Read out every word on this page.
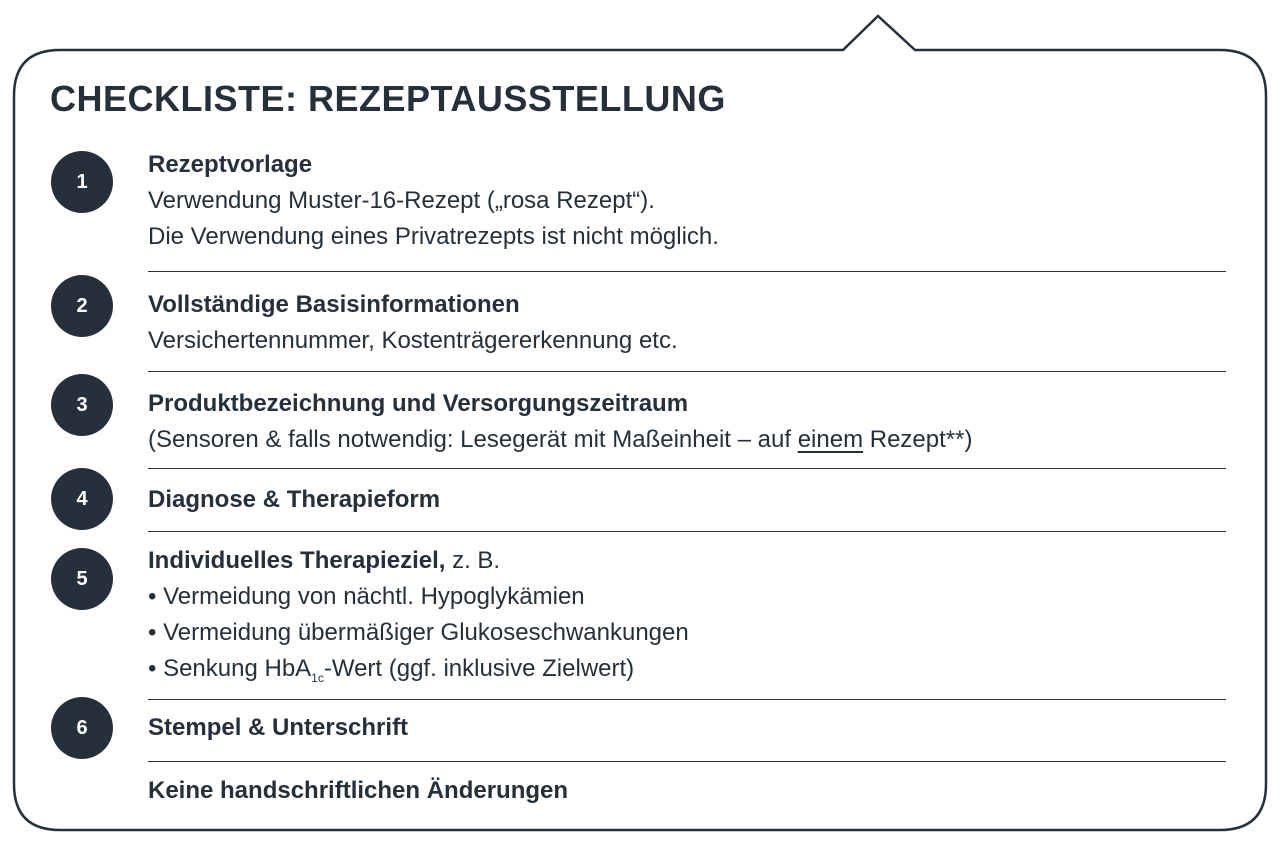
CHECKLISTE: REZEPTAUSSTELLUNG
1
Rezeptvorlage
Verwendung Muster-16-Rezept („rosa Rezept“).
Die Verwendung eines Privatrezepts ist nicht möglich.
2	Vollständige Basisinformationen
Versichertennummer, Kostenträgererkennung etc.
3	Produktbezeichnung und Versorgungszeitraum
(Sensoren & falls notwendig: Lesegerät mit Maßeinheit – auf einem Rezept**)
4	Diagnose & Therapieform
5
Individuelles Therapieziel, z. B.
• Vermeidung von nächtl. Hypoglykämien
• Vermeidung übermäßiger Glukoseschwankungen
• Senkung HbA$_{1c}$-Wert (ggf. inklusive Zielwert)
6	Stempel & Unterschrift
Keine handschriftlichen Änderungen
